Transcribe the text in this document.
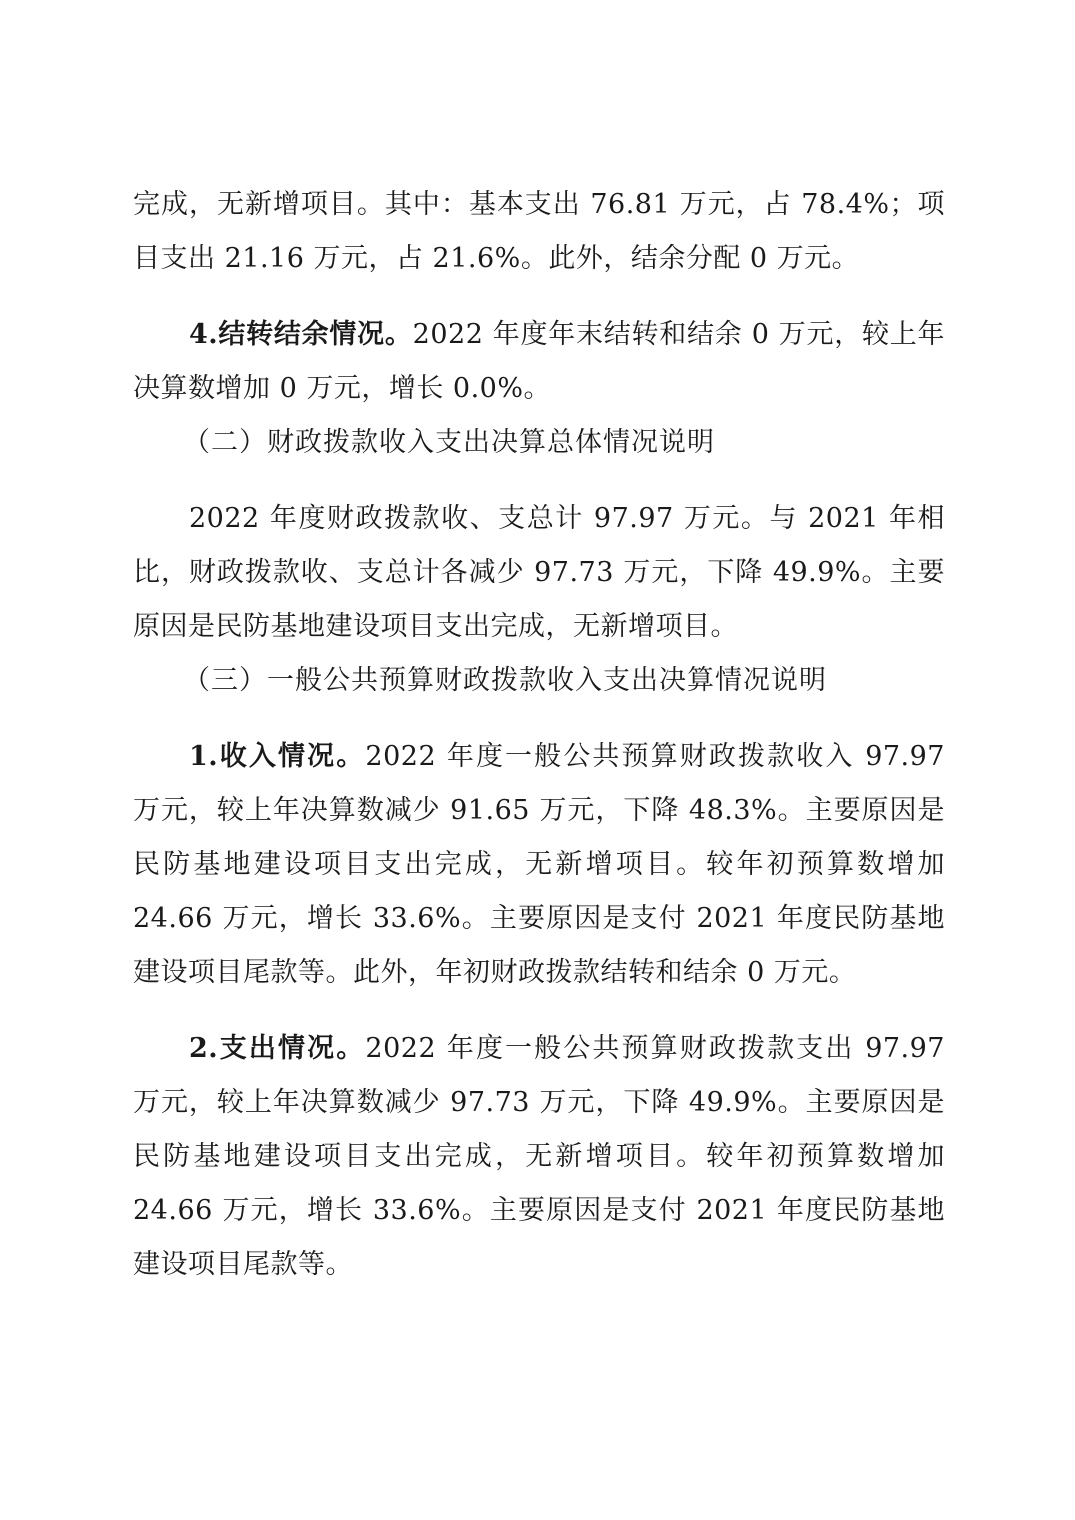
完成，无新增项目。其中：基本支出 76.81 万元，占 78.4%；项目支出 21.16 万元，占 21.6%。此外，结余分配 0 万元。

4.结转结余情况。2022 年度年末结转和结余 0 万元，较上年决算数增加 0 万元，增长 0.0%。

（二）财政拨款收入支出决算总体情况说明

2022 年度财政拨款收、支总计 97.97 万元。与 2021 年相比，财政拨款收、支总计各减少 97.73 万元，下降 49.9%。主要原因是民防基地建设项目支出完成，无新增项目。

（三）一般公共预算财政拨款收入支出决算情况说明

1.收入情况。2022 年度一般公共预算财政拨款收入 97.97 万元，较上年决算数减少 91.65 万元，下降 48.3%。主要原因是民防基地建设项目支出完成，无新增项目。较年初预算数增加 24.66 万元，增长 33.6%。主要原因是支付 2021 年度民防基地建设项目尾款等。此外，年初财政拨款结转和结余 0 万元。

2.支出情况。2022 年度一般公共预算财政拨款支出 97.97 万元，较上年决算数减少 97.73 万元，下降 49.9%。主要原因是民防基地建设项目支出完成，无新增项目。较年初预算数增加 24.66 万元，增长 33.6%。主要原因是支付 2021 年度民防基地建设项目尾款等。
